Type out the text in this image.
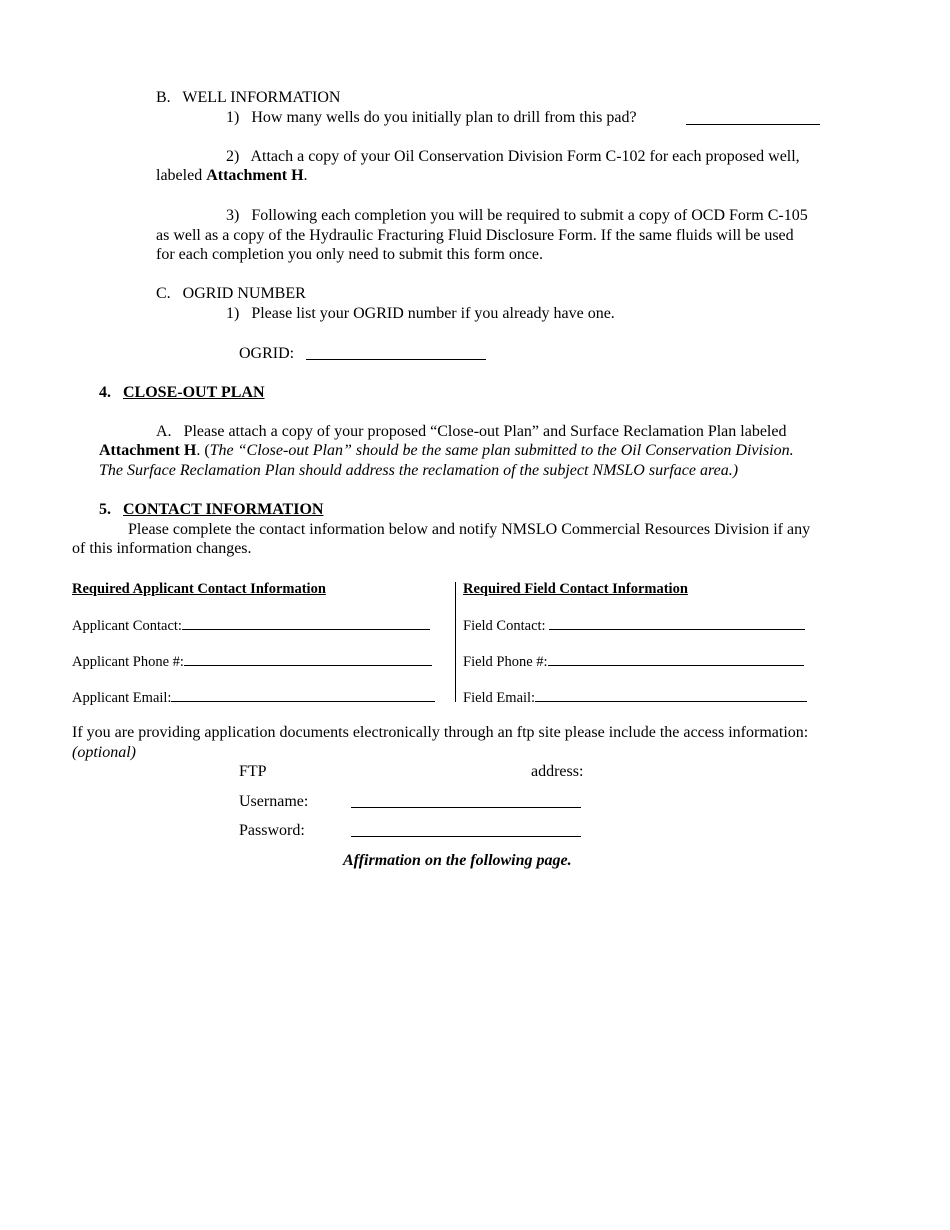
B. WELL INFORMATION
1) How many wells do you initially plan to drill from this pad?
2) Attach a copy of your Oil Conservation Division Form C-102 for each proposed well,
labeled Attachment H.
3) Following each completion you will be required to submit a copy of OCD Form C-105
as well as a copy of the Hydraulic Fracturing Fluid Disclosure Form. If the same fluids will be used
for each completion you only need to submit this form once.
C. OGRID NUMBER
1) Please list your OGRID number if you already have one.
OGRID:
4. CLOSE-OUT PLAN
A. Please attach a copy of your proposed “Close-out Plan” and Surface Reclamation Plan labeled
Attachment H. (The “Close-out Plan” should be the same plan submitted to the Oil Conservation Division.
The Surface Reclamation Plan should address the reclamation of the subject NMSLO surface area.)
5. CONTACT INFORMATION
Please complete the contact information below and notify NMSLO Commercial Resources Division if any
of this information changes.
Required Applicant Contact Information
Applicant Contact:
Applicant Phone #:
Applicant Email:
Required Field Contact Information
Field Contact:
Field Phone #:
Field Email:
If you are providing application documents electronically through an ftp site please include the access information:
(optional)
FTP	address:
Username:
Password:
Affirmation on the following page.
